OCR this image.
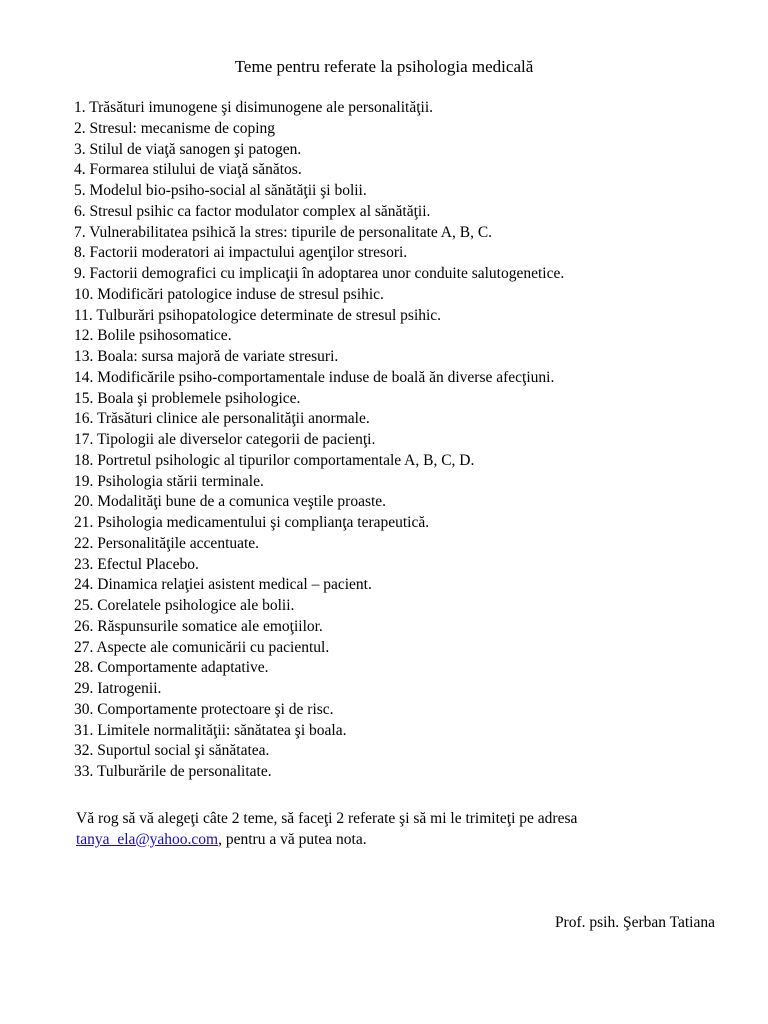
Teme pentru referate la psihologia medicală
1. Trăsături imunogene şi disimunogene ale personalităţii.
2. Stresul: mecanisme de coping
3. Stilul de viaţă sanogen şi patogen.
4. Formarea stilului de viaţă sănătos.
5. Modelul bio-psiho-social al sănătăţii şi bolii.
6. Stresul psihic ca factor modulator complex al sănătăţii.
7. Vulnerabilitatea psihică la stres: tipurile de personalitate A, B, C.
8. Factorii moderatori ai impactului agenţilor stresori.
9. Factorii demografici cu implicaţii în adoptarea unor conduite salutogenetice.
10. Modificări patologice induse de stresul psihic.
11. Tulburări psihopatologice determinate de stresul psihic.
12. Bolile psihosomatice.
13. Boala: sursa majoră de variate stresuri.
14. Modificările psiho-comportamentale induse de boală ăn diverse afecţiuni.
15. Boala şi problemele psihologice.
16. Trăsături clinice ale personalităţii anormale.
17. Tipologii ale diverselor categorii de pacienţi.
18. Portretul psihologic al tipurilor comportamentale A, B, C, D.
19. Psihologia stării terminale.
20. Modalităţi bune de a comunica veştile proaste.
21. Psihologia medicamentului şi complianţa terapeutică.
22. Personalităţile accentuate.
23. Efectul Placebo.
24. Dinamica relaţiei asistent medical – pacient.
25. Corelatele psihologice ale bolii.
26. Răspunsurile somatice ale emoţiilor.
27. Aspecte ale comunicării cu pacientul.
28. Comportamente adaptative.
29. Iatrogenii.
30. Comportamente protectoare şi de risc.
31. Limitele normalităţii: sănătatea şi boala.
32. Suportul social şi sănătatea.
33. Tulburările de personalitate.
Vă rog să vă alegeţi câte 2 teme, să faceţi 2 referate şi să mi le trimiteţi pe adresa
tanya_ela@yahoo.com, pentru a vă putea nota.
Prof. psih. Şerban Tatiana
